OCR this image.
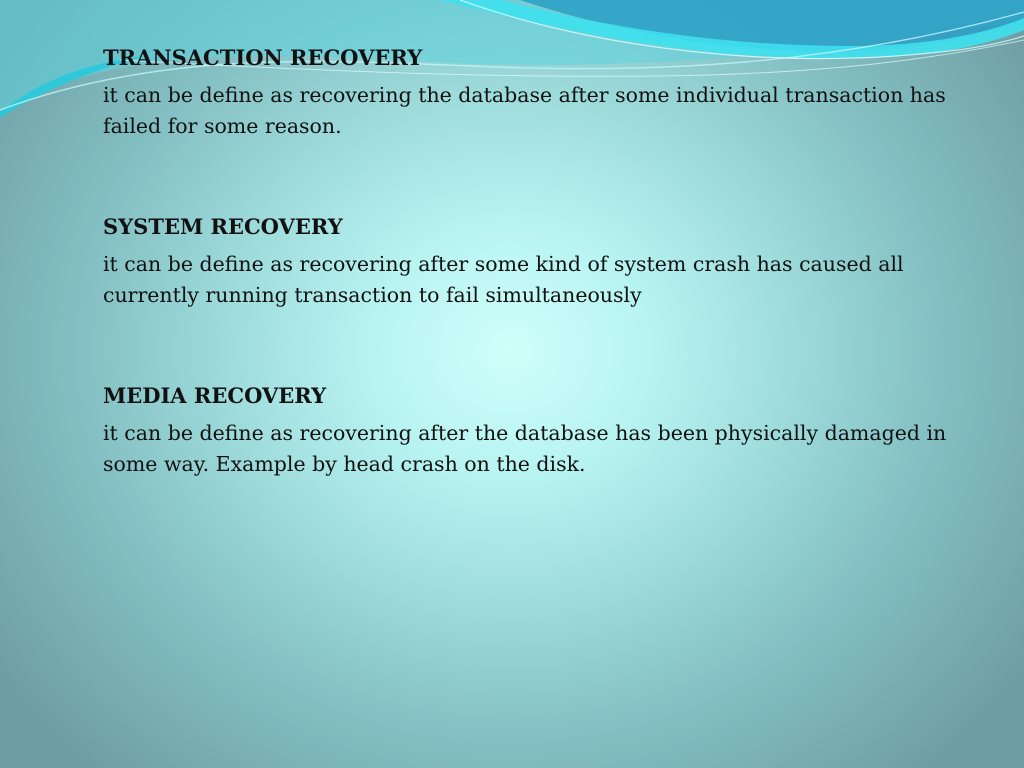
TRANSACTION RECOVERY

it can be define as recovering the database after some individual transaction has failed for some reason.

SYSTEM RECOVERY

it can be define as recovering after some kind of system crash has caused all currently running transaction to fail simultaneously

MEDIA RECOVERY

it can be define as recovering after the database has been physically damaged in some way. Example by head crash on the disk.
